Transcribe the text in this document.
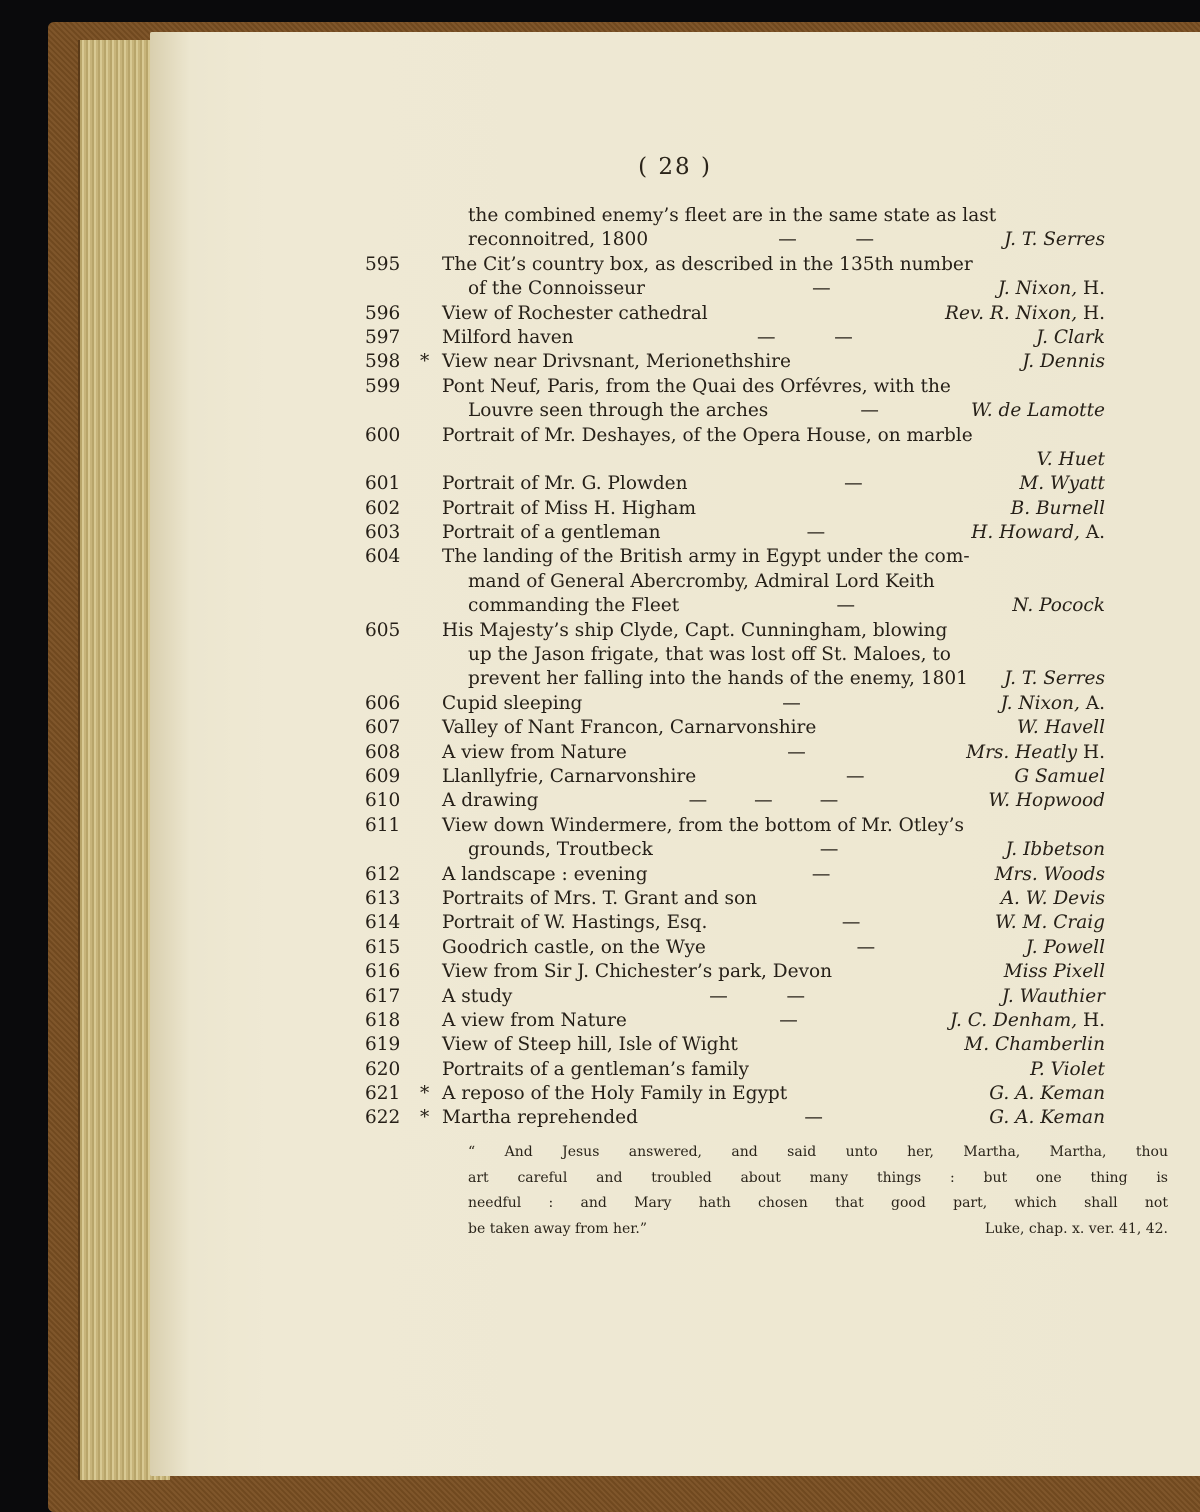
( 28 )
the combined enemy’s fleet are in the same state as last
reconnoitred, 1800	—          —	J. T. Serres
595	The Cit’s country box, as described in the 135th number
of the Connoisseur	—	J. Nixon, H.
596	View of Rochester cathedral	Rev. R. Nixon, H.
597	Milford haven	—          —	J. Clark
598	* View near Drivsnant, Merionethshire	J. Dennis
599	Pont Neuf, Paris, from the Quai des Orfévres, with the
Louvre seen through the arches	—	W. de Lamotte
600	Portrait of Mr. Deshayes, of the Opera House, on marble
V. Huet
601	Portrait of Mr. G. Plowden	—	M. Wyatt
602	Portrait of Miss H. Higham	B. Burnell
603	Portrait of a gentleman	—	H. Howard, A.
604	The landing of the British army in Egypt under the com-
mand of General Abercromby, Admiral Lord Keith
commanding the Fleet	—	N. Pocock
605	His Majesty’s ship Clyde, Capt. Cunningham, blowing
up the Jason frigate, that was lost off St. Maloes, to
prevent her falling into the hands of the enemy, 1801 J. T. Serres
606	Cupid sleeping	—	J. Nixon, A.
607	Valley of Nant Francon, Carnarvonshire	W. Havell
608	A view from Nature	—	Mrs. Heatly H.
609	Llanllyfrie, Carnarvonshire	—	G Samuel
610	A drawing	—        —        —	W. Hopwood
611	View down Windermere, from the bottom of Mr. Otley’s
grounds, Troutbeck	—	J. Ibbetson
612	A landscape : evening	—	Mrs. Woods
613	Portraits of Mrs. T. Grant and son	A. W. Devis
614	Portrait of W. Hastings, Esq.	—	W. M. Craig
615	Goodrich castle, on the Wye	—	J. Powell
616	View from Sir J. Chichester’s park, Devon	Miss Pixell
617	A study	—          —	J. Wauthier
618	A view from Nature	—	J. C. Denham, H.
619	View of Steep hill, Isle of Wight	M. Chamberlin
620	Portraits of a gentleman’s family	P. Violet
621	* A reposo of the Holy Family in Egypt	G. A. Keman
622	* Martha reprehended	—	G. A. Keman

“ And Jesus answered, and said unto her, Martha, Martha, thou

art careful and troubled about many things : but one thing is

needful : and Mary hath chosen that good part, which shall not

be taken away from her.”	Luke, chap. x. ver. 41, 42.
